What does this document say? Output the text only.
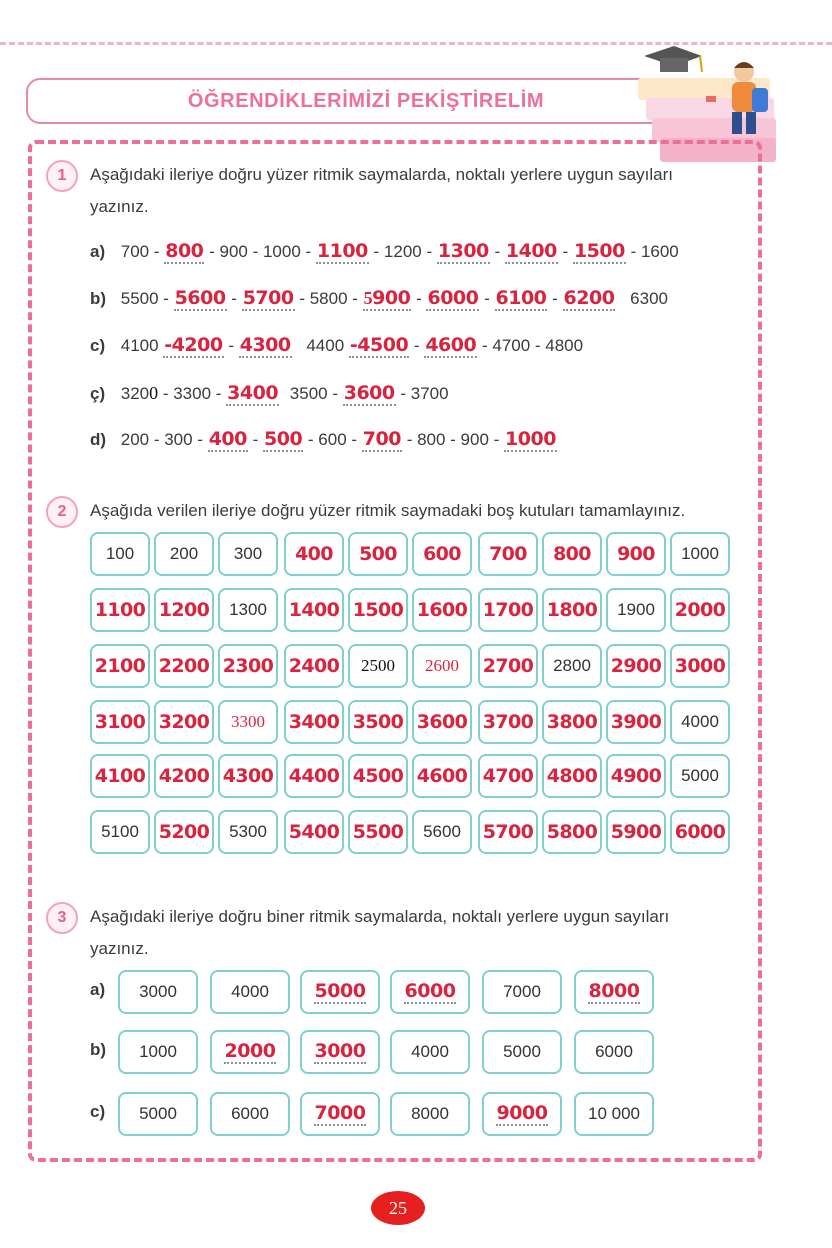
ÖĞRENDİKLERİMİZİ PEKİŞTİRELİM
1	Aşağıdaki ileriye doğru yüzer ritmik saymalarda, noktalı yerlere uygun sayıları
yazınız.
a) 700 - 800 - 900 - 1000 - 1100 - 1200 - 1300 - 1400 - 1500 - 1600
b) 5500 - 5600 - 5700 - 5800 - 5900 - 6000 - 6100 - 6200 6300
c) 4100 -4200 - 4300 4400 -4500 - 4600 - 4700 - 4800
ç) 3200 - 3300 - 3400 3500 - 3600 - 3700
d) 200 - 300 - 400 - 500 - 600 - 700 - 800 - 900 - 1000
2	Aşağıda verilen ileriye doğru yüzer ritmik saymadaki boş kutuları tamamlayınız.
100	200	300	400	500	600	700	800	900	1000
1100 1200	1300	1400 1500 1600 1700 1800	1900	2000
2100 2200 2300 2400	2500	2600	2700	2800	2900 3000
3100 3200	3300	3400 3500 3600 3700 3800 3900	4000
4100 4200 4300 4400 4500 4600 4700 4800 4900	5000
5100	5200	5300	5400 5500	5600	5700 5800 5900 6000
3	Aşağıdaki ileriye doğru biner ritmik saymalarda, noktalı yerlere uygun sayıları
yazınız.
a)	3000	4000	5000	6000	7000	8000
b)	1000	2000	3000	4000	5000	6000
c)	5000	6000	7000	8000	9000	10 000
25
